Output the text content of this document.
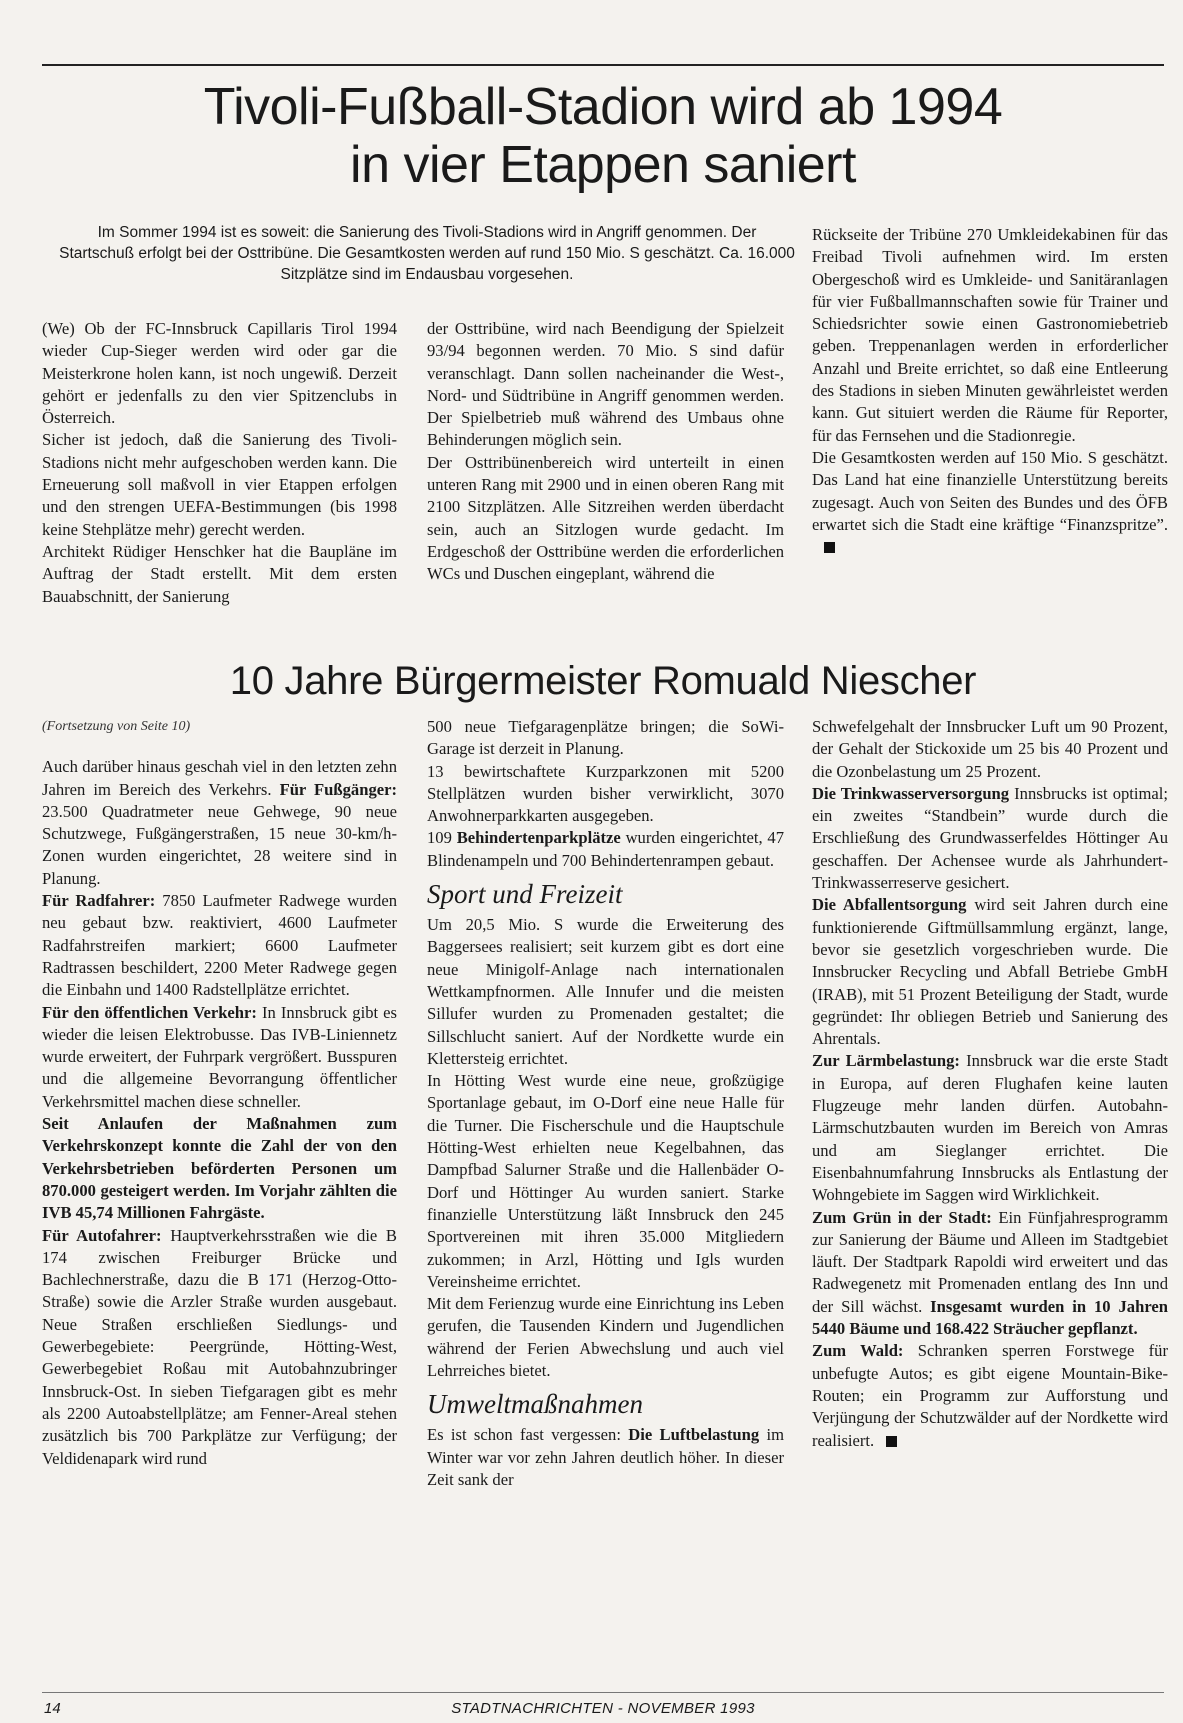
Tivoli-Fußball-Stadion wird ab 1994
in vier Etappen saniert
Im Sommer 1994 ist es soweit: die Sanierung des Tivoli-Stadions wird in Angriff genommen. Der Startschuß erfolgt bei der Osttribüne. Die Gesamtkosten werden auf rund 150 Mio. S geschätzt. Ca. 16.000 Sitzplätze sind im Endausbau vorgesehen.

(We) Ob der FC-Innsbruck Capillaris Tirol 1994 wieder Cup-Sieger werden wird oder gar die Meisterkrone holen kann, ist noch ungewiß. Derzeit gehört er jedenfalls zu den vier Spitzenclubs in Österreich.

Sicher ist jedoch, daß die Sanierung des Tivoli-Stadions nicht mehr aufgeschoben werden kann. Die Erneuerung soll maßvoll in vier Etappen erfolgen und den strengen UEFA-Bestimmungen (bis 1998 keine Stehplätze mehr) gerecht werden.

Architekt Rüdiger Henschker hat die Baupläne im Auftrag der Stadt erstellt. Mit dem ersten Bauabschnitt, der Sanierung

der Osttribüne, wird nach Beendigung der Spielzeit 93/94 begonnen werden. 70 Mio. S sind dafür veranschlagt. Dann sollen nacheinander die West-, Nord- und Südtribüne in Angriff genommen werden. Der Spielbetrieb muß während des Umbaus ohne Behinderungen möglich sein.

Der Osttribünenbereich wird unterteilt in einen unteren Rang mit 2900 und in einen oberen Rang mit 2100 Sitzplätzen. Alle Sitzreihen werden überdacht sein, auch an Sitzlogen wurde gedacht. Im Erdgeschoß der Osttribüne werden die erforderlichen WCs und Duschen eingeplant, während die

Rückseite der Tribüne 270 Umkleidekabinen für das Freibad Tivoli aufnehmen wird. Im ersten Obergeschoß wird es Umkleide- und Sanitäranlagen für vier Fußballmannschaften sowie für Trainer und Schiedsrichter sowie einen Gastronomiebetrieb geben. Treppenanlagen werden in erforderlicher Anzahl und Breite errichtet, so daß eine Entleerung des Stadions in sieben Minuten gewährleistet werden kann. Gut situiert werden die Räume für Reporter, für das Fernsehen und die Stadionregie.

Die Gesamtkosten werden auf 150 Mio. S geschätzt. Das Land hat eine finanzielle Unterstützung bereits zugesagt. Auch von Seiten des Bundes und des ÖFB erwartet sich die Stadt eine kräftige “Finanzspritze”.

10 Jahre Bürgermeister Romuald Niescher

(Fortsetzung von Seite 10)

Auch darüber hinaus geschah viel in den letzten zehn Jahren im Bereich des Verkehrs. Für Fußgänger: 23.500 Quadratmeter neue Gehwege, 90 neue Schutzwege, Fußgängerstraßen, 15 neue 30-km/h-Zonen wurden eingerichtet, 28 weitere sind in Planung.

Für Radfahrer: 7850 Laufmeter Radwege wurden neu gebaut bzw. reaktiviert, 4600 Laufmeter Radfahrstreifen markiert; 6600 Laufmeter Radtrassen beschildert, 2200 Meter Radwege gegen die Einbahn und 1400 Radstellplätze errichtet.

Für den öffentlichen Verkehr: In Innsbruck gibt es wieder die leisen Elektrobusse. Das IVB-Liniennetz wurde erweitert, der Fuhrpark vergrößert. Busspuren und die allgemeine Bevorrangung öffentlicher Verkehrsmittel machen diese schneller.

Seit Anlaufen der Maßnahmen zum Verkehrskonzept konnte die Zahl der von den Verkehrsbetrieben beförderten Personen um 870.000 gesteigert werden. Im Vorjahr zählten die IVB 45,74 Millionen Fahrgäste.

Für Autofahrer: Hauptverkehrsstraßen wie die B 174 zwischen Freiburger Brücke und Bachlechnerstraße, dazu die B 171 (Herzog-Otto-Straße) sowie die Arzler Straße wurden ausgebaut. Neue Straßen erschließen Siedlungs- und Gewerbegebiete: Peergründe, Hötting-West, Gewerbegebiet Roßau mit Autobahnzubringer Innsbruck-Ost. In sieben Tiefgaragen gibt es mehr als 2200 Autoabstellplätze; am Fenner-Areal stehen zusätzlich bis 700 Parkplätze zur Verfügung; der Veldidenapark wird rund

500 neue Tiefgaragenplätze bringen; die SoWi-Garage ist derzeit in Planung.

13 bewirtschaftete Kurzparkzonen mit 5200 Stellplätzen wurden bisher verwirklicht, 3070 Anwohnerparkkarten ausgegeben.

109 Behindertenparkplätze wurden eingerichtet, 47 Blindenampeln und 700 Behindertenrampen gebaut.

Sport und Freizeit

Um 20,5 Mio. S wurde die Erweiterung des Baggersees realisiert; seit kurzem gibt es dort eine neue Minigolf-Anlage nach internationalen Wettkampfnormen. Alle Innufer und die meisten Sillufer wurden zu Promenaden gestaltet; die Sillschlucht saniert. Auf der Nordkette wurde ein Klettersteig errichtet.

In Hötting West wurde eine neue, großzügige Sportanlage gebaut, im O-Dorf eine neue Halle für die Turner. Die Fischerschule und die Hauptschule Hötting-West erhielten neue Kegelbahnen, das Dampfbad Salurner Straße und die Hallenbäder O-Dorf und Höttinger Au wurden saniert. Starke finanzielle Unterstützung läßt Innsbruck den 245 Sportvereinen mit ihren 35.000 Mitgliedern zukommen; in Arzl, Hötting und Igls wurden Vereinsheime errichtet.

Mit dem Ferienzug wurde eine Einrichtung ins Leben gerufen, die Tausenden Kindern und Jugendlichen während der Ferien Abwechslung und auch viel Lehrreiches bietet.

Umweltmaßnahmen

Es ist schon fast vergessen: Die Luftbelastung im Winter war vor zehn Jahren deutlich höher. In dieser Zeit sank der

Schwefelgehalt der Innsbrucker Luft um 90 Prozent, der Gehalt der Stickoxide um 25 bis 40 Prozent und die Ozonbelastung um 25 Prozent.

Die Trinkwasserversorgung Innsbrucks ist optimal; ein zweites “Standbein” wurde durch die Erschließung des Grundwasserfeldes Höttinger Au geschaffen. Der Achensee wurde als Jahrhundert-Trinkwasserreserve gesichert.

Die Abfallentsorgung wird seit Jahren durch eine funktionierende Giftmüllsammlung ergänzt, lange, bevor sie gesetzlich vorgeschrieben wurde. Die Innsbrucker Recycling und Abfall Betriebe GmbH (IRAB), mit 51 Prozent Beteiligung der Stadt, wurde gegründet: Ihr obliegen Betrieb und Sanierung des Ahrentals.

Zur Lärmbelastung: Innsbruck war die erste Stadt in Europa, auf deren Flughafen keine lauten Flugzeuge mehr landen dürfen. Autobahn-Lärmschutzbauten wurden im Bereich von Amras und am Sieglanger errichtet. Die Eisenbahnumfahrung Innsbrucks als Entlastung der Wohngebiete im Saggen wird Wirklichkeit.

Zum Grün in der Stadt: Ein Fünfjahresprogramm zur Sanierung der Bäume und Alleen im Stadtgebiet läuft. Der Stadtpark Rapoldi wird erweitert und das Radwegenetz mit Promenaden entlang des Inn und der Sill wächst. Insgesamt wurden in 10 Jahren 5440 Bäume und 168.422 Sträucher gepflanzt.

Zum Wald: Schranken sperren Forstwege für unbefugte Autos; es gibt eigene Mountain-Bike-Routen; ein Programm zur Aufforstung und Verjüngung der Schutzwälder auf der Nordkette wird realisiert.

14	STADTNACHRICHTEN - NOVEMBER 1993
